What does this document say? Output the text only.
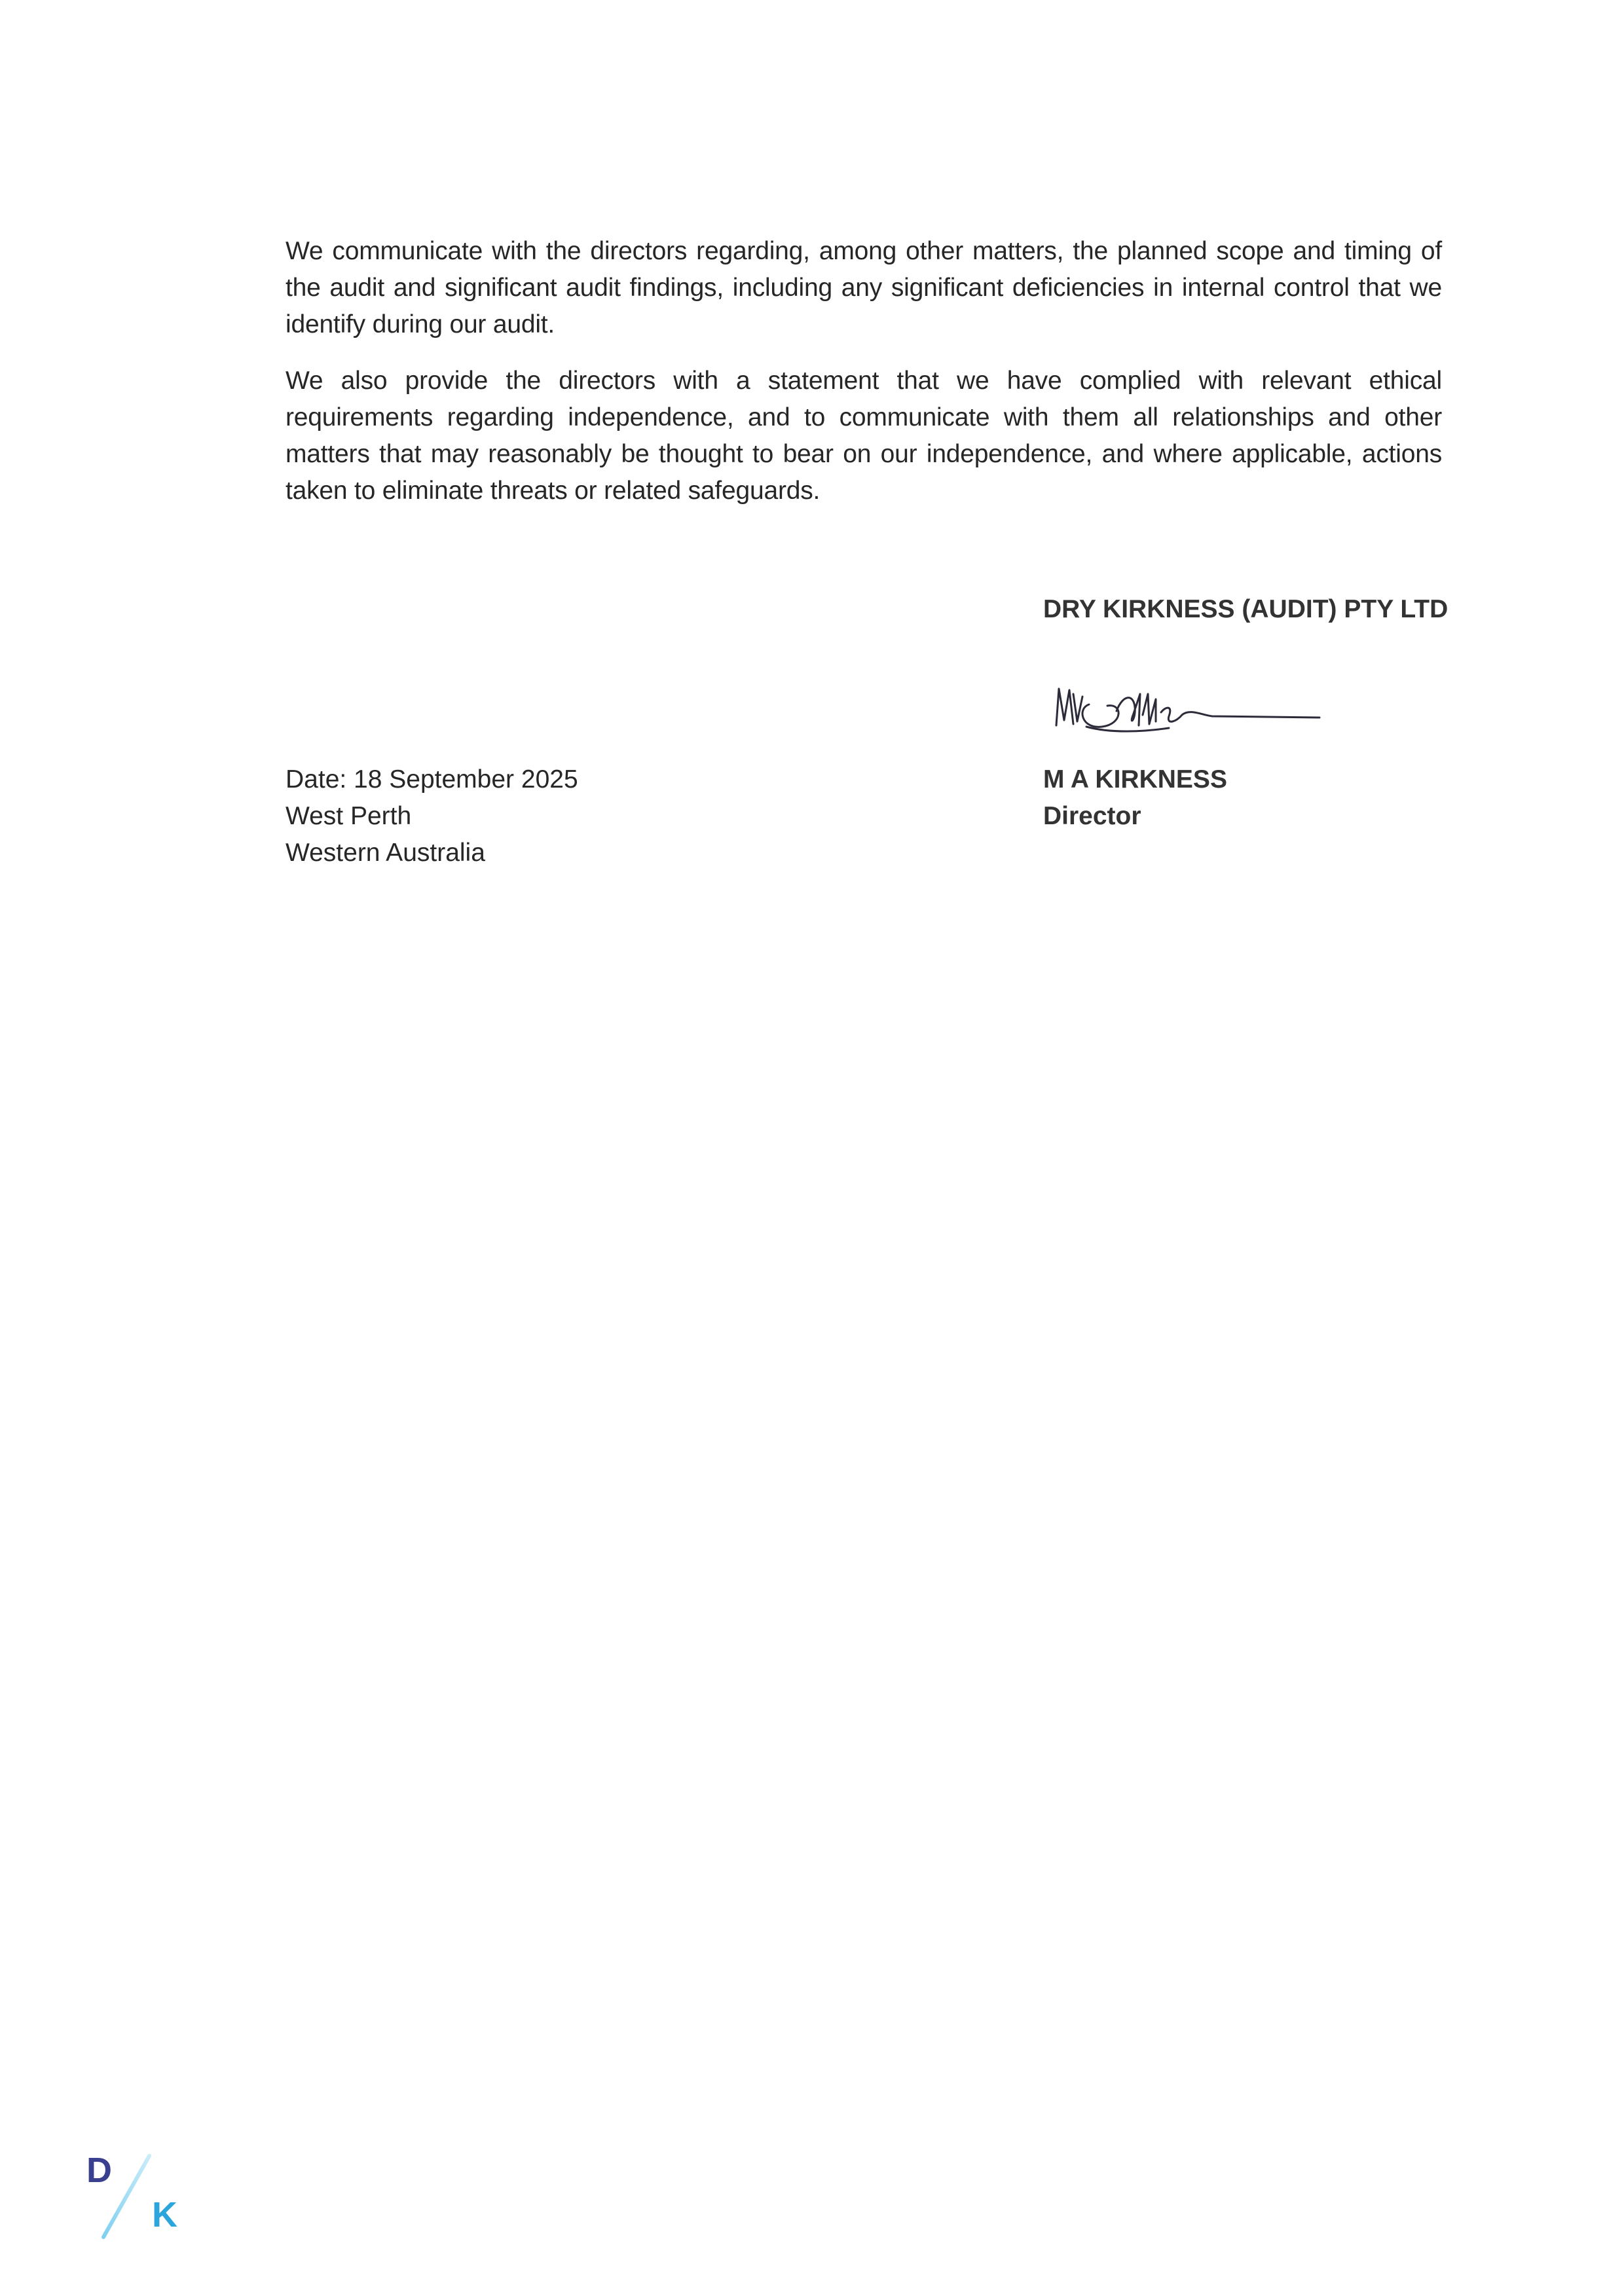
We communicate with the directors regarding, among other matters, the planned scope and timing of the audit and significant audit findings, including any significant deficiencies in internal control that we identify during our audit.

We also provide the directors with a statement that we have complied with relevant ethical requirements regarding independence, and to communicate with them all relationships and other matters that may reasonably be thought to bear on our independence, and where applicable, actions taken to eliminate threats or related safeguards.

DRY KIRKNESS (AUDIT) PTY LTD
M A KIRKNESS
Director
Date: 18 September 2025
West Perth
Western Australia
D
K
